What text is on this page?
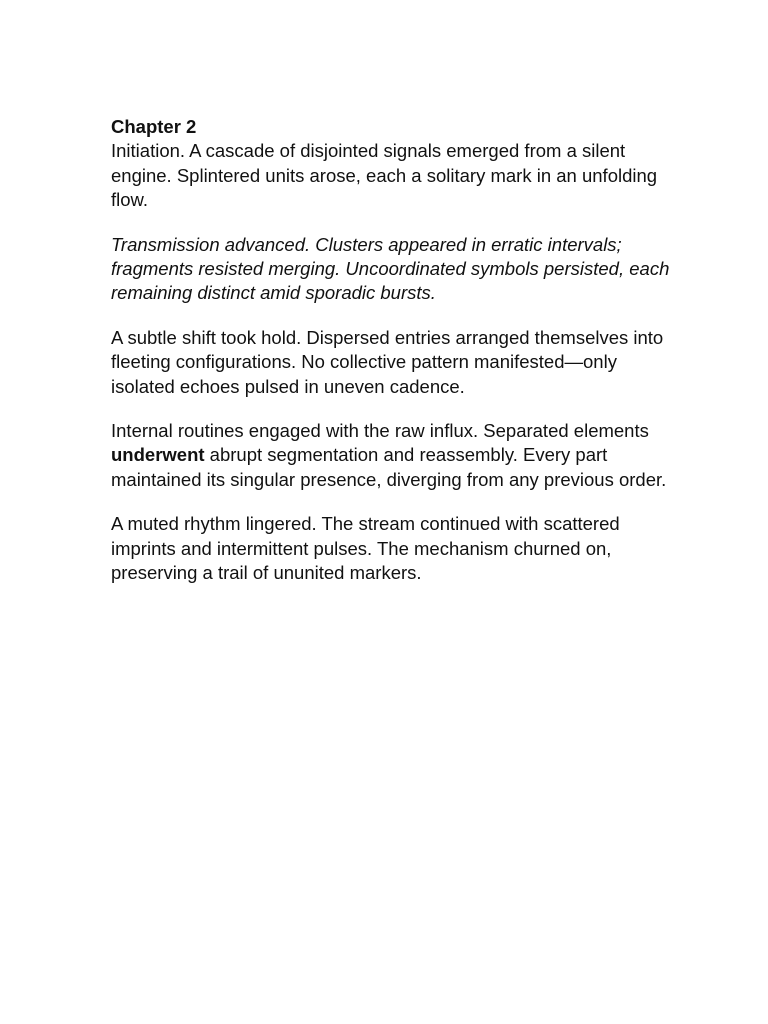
Chapter 2

Initiation. A cascade of disjointed signals emerged from a silent engine. Splintered units arose, each a solitary mark in an unfolding flow.

Transmission advanced. Clusters appeared in erratic intervals; fragments resisted merging. Uncoordinated symbols persisted, each remaining distinct amid sporadic bursts.

A subtle shift took hold. Dispersed entries arranged themselves into fleeting configurations. No collective pattern manifested—only isolated echoes pulsed in uneven cadence.

Internal routines engaged with the raw influx. Separated elements underwent abrupt segmentation and reassembly. Every part maintained its singular presence, diverging from any previous order.

A muted rhythm lingered. The stream continued with scattered imprints and intermittent pulses. The mechanism churned on, preserving a trail of ununited markers.
